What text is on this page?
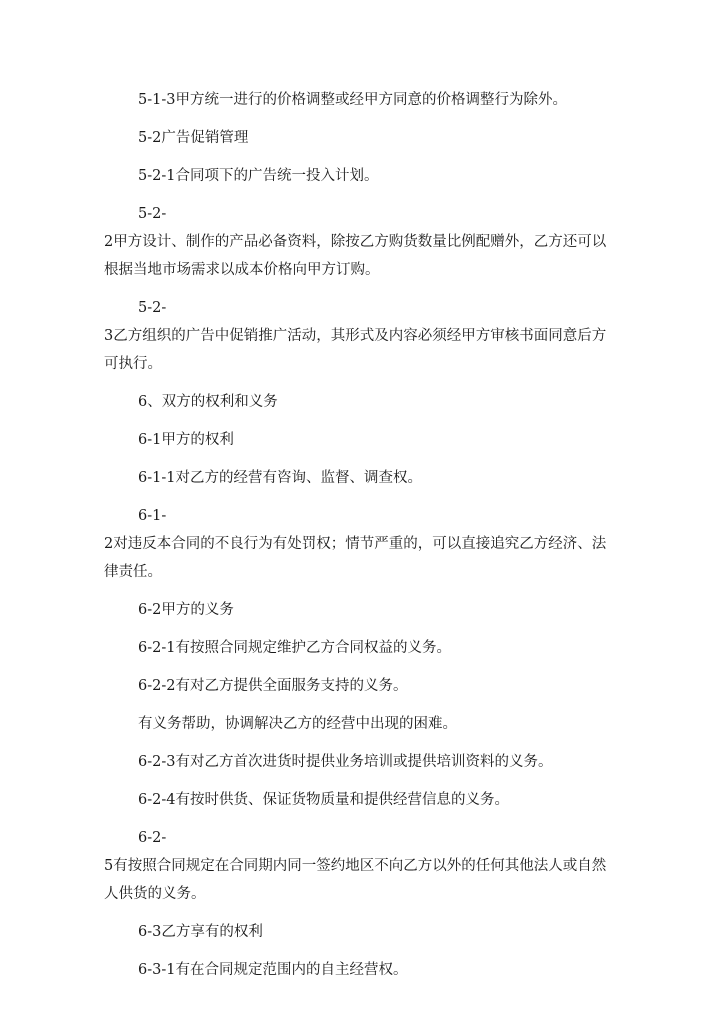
5-1-3甲方统一进行的价格调整或经甲方同意的价格调整行为除外。

5-2广告促销管理

5-2-1合同项下的广告统一投入计划。

5-2-

2甲方设计、制作的产品必备资料，除按乙方购货数量比例配赠外，乙方还可以根据当地市场需求以成本价格向甲方订购。

5-2-

3乙方组织的广告中促销推广活动，其形式及内容必须经甲方审核书面同意后方可执行。

6、双方的权利和义务

6-1甲方的权利

6-1-1对乙方的经营有咨询、监督、调查权。

6-1-

2对违反本合同的不良行为有处罚权；情节严重的，可以直接追究乙方经济、法律责任。

6-2甲方的义务

6-2-1有按照合同规定维护乙方合同权益的义务。

6-2-2有对乙方提供全面服务支持的义务。

有义务帮助，协调解决乙方的经营中出现的困难。

6-2-3有对乙方首次进货时提供业务培训或提供培训资料的义务。

6-2-4有按时供货、保证货物质量和提供经营信息的义务。

6-2-

5有按照合同规定在合同期内同一签约地区不向乙方以外的任何其他法人或自然人供货的义务。

6-3乙方享有的权利

6-3-1有在合同规定范围内的自主经营权。
